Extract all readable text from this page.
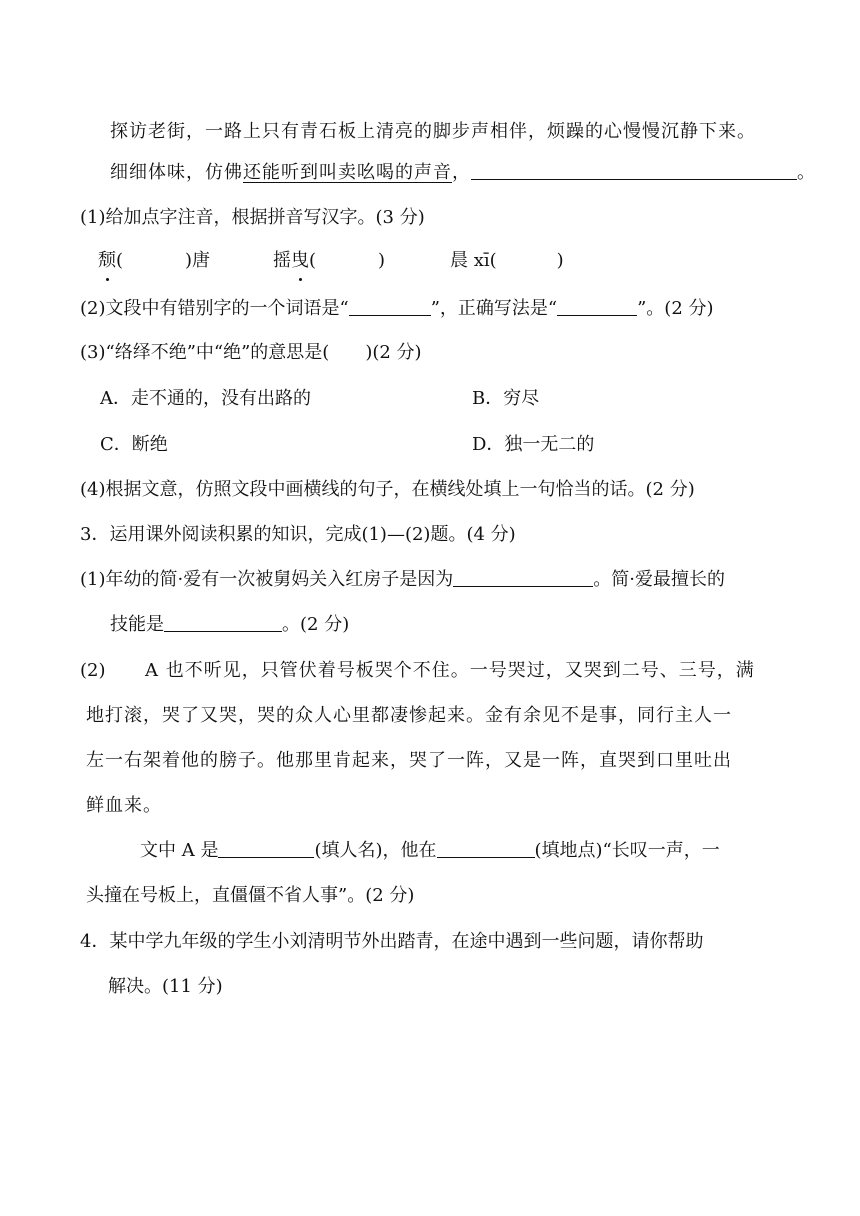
探访老街，一路上只有青石板上清亮的脚步声相伴，烦躁的心慢慢沉静下来。
细细体味，仿佛还能听到叫卖吆喝的声音，	。
(1)给加点字注音，根据拼音写汉字。(3 分)
颓(	)唐	摇曳(	)	晨 xī(	)
(2)文段中有错别字的一个词语是“	”，正确写法是“	”。(2 分)
(3)“络绎不绝”中“绝”的意思是(　　)(2 分)
A．走不通的，没有出路的	B．穷尽
C．断绝	D．独一无二的
(4)根据文意，仿照文段中画横线的句子，在横线处填上一句恰当的话。(2 分)
3．运用课外阅读积累的知识，完成(1)—(2)题。(4 分)
(1)年幼的简·爱有一次被舅妈关入红房子是因为	。简·爱最擅长的
技能是	。(2 分)
(2) A 也不听见，只管伏着号板哭个不住。一号哭过，又哭到二号、三号，满
地打滚，哭了又哭，哭的众人心里都凄惨起来。金有余见不是事，同行主人一
左一右架着他的膀子。他那里肯起来，哭了一阵，又是一阵，直哭到口里吐出
鲜血来。
文中 A 是	(填人名)，他在	(填地点)“长叹一声，一
头撞在号板上，直僵僵不省人事”。(2 分)
4．某中学九年级的学生小刘清明节外出踏青，在途中遇到一些问题，请你帮助
解决。(11 分)
